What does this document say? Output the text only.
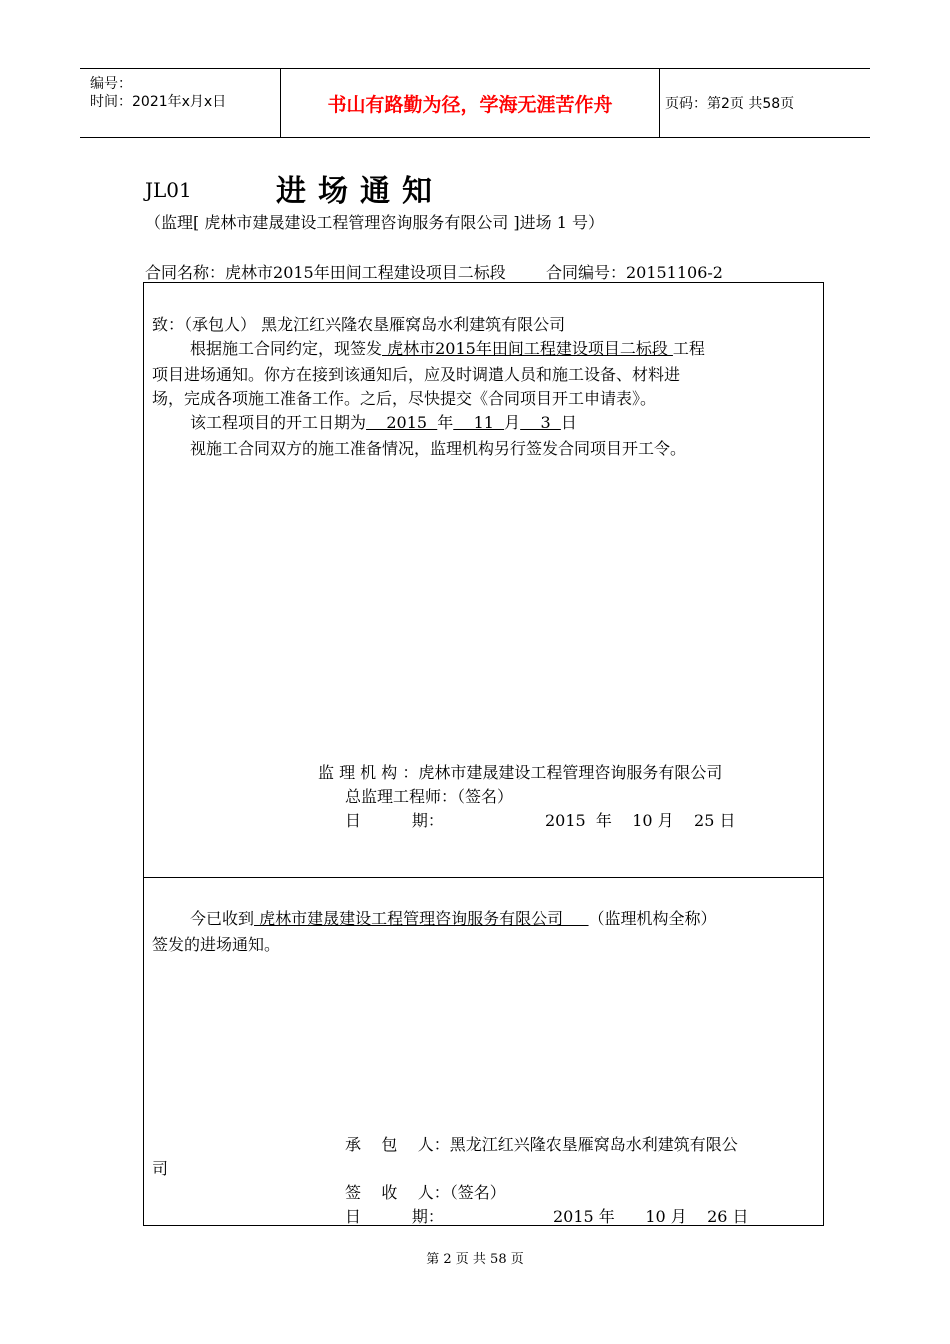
编号：
时间：2021年x月x日	书山有路勤为径，学海无涯苦作舟	页码：第2页 共58页
JL01	进场通知
（监理[ 虎林市建晟建设工程管理咨询服务有限公司 ]进场 1 号）
合同名称：虎林市2015年田间工程建设项目二标段	合同编号：20151106-2
致：（承包人） 黑龙江红兴隆农垦雁窝岛水利建筑有限公司
根据施工合同约定，现签发 虎林市2015年田间工程建设项目二标段 工程
项目进场通知。你方在接到该通知后，应及时调遣人员和施工设备、材料进
场，完成各项施工准备工作。之后，尽快提交《合同项目开工申请表》。
该工程项目的开工日期为    2015  年    11  月    3  日
视施工合同双方的施工准备情况，监理机构另行签发合同项目开工令。
监 理 机 构 ：虎林市建晟建设工程管理咨询服务有限公司
总监理工程师：（签名）
日          期：	2015  年    10 月    25 日
今已收到 虎林市建晟建设工程管理咨询服务有限公司     （监理机构全称）
签发的进场通知。
承    包    人：黑龙江红兴隆农垦雁窝岛水利建筑有限公
司
签    收    人：（签名）
日          期：	2015 年      10 月    26 日
第 2 页 共 58 页
